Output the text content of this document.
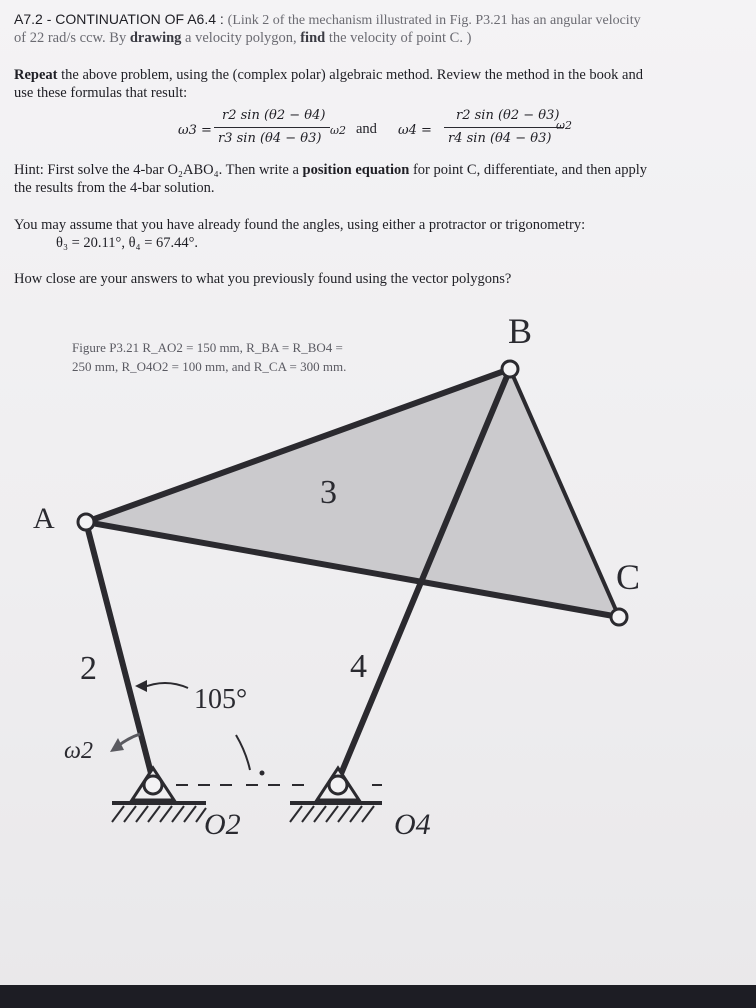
A7.2 - CONTINUATION OF A6.4 : (Link 2 of the mechanism illustrated in Fig. P3.21 has an angular velocity
of 22 rad/s ccw. By drawing a velocity polygon, find the velocity of point C. )
Repeat the above problem, using the (complex polar) algebraic method. Review the method in the book and
use these formulas that result:
ω3 =
r2 sin (θ2 − θ4)
r3 sin (θ4 − θ3)
ω2 and ω4 =
r2 sin (θ2 − θ3)
r4 sin (θ4 − θ3)
ω2
Hint: First solve the 4-bar O₂ABO₄. Then write a position equation for point C, differentiate, and then apply
the results from the 4-bar solution.
You may assume that you have already found the angles, using either a protractor or trigonometry:
θ₃ = 20.11°, θ₄ = 67.44°.
How close are your answers to what you previously found using the vector polygons?
Figure P3.21 R_AO2 = 150 mm, R_BA = R_BO4 =
250 mm, R_O4O2 = 100 mm, and R_CA = 300 mm.
A
B
C
2
3
4
105°
ω2
O2	O4
